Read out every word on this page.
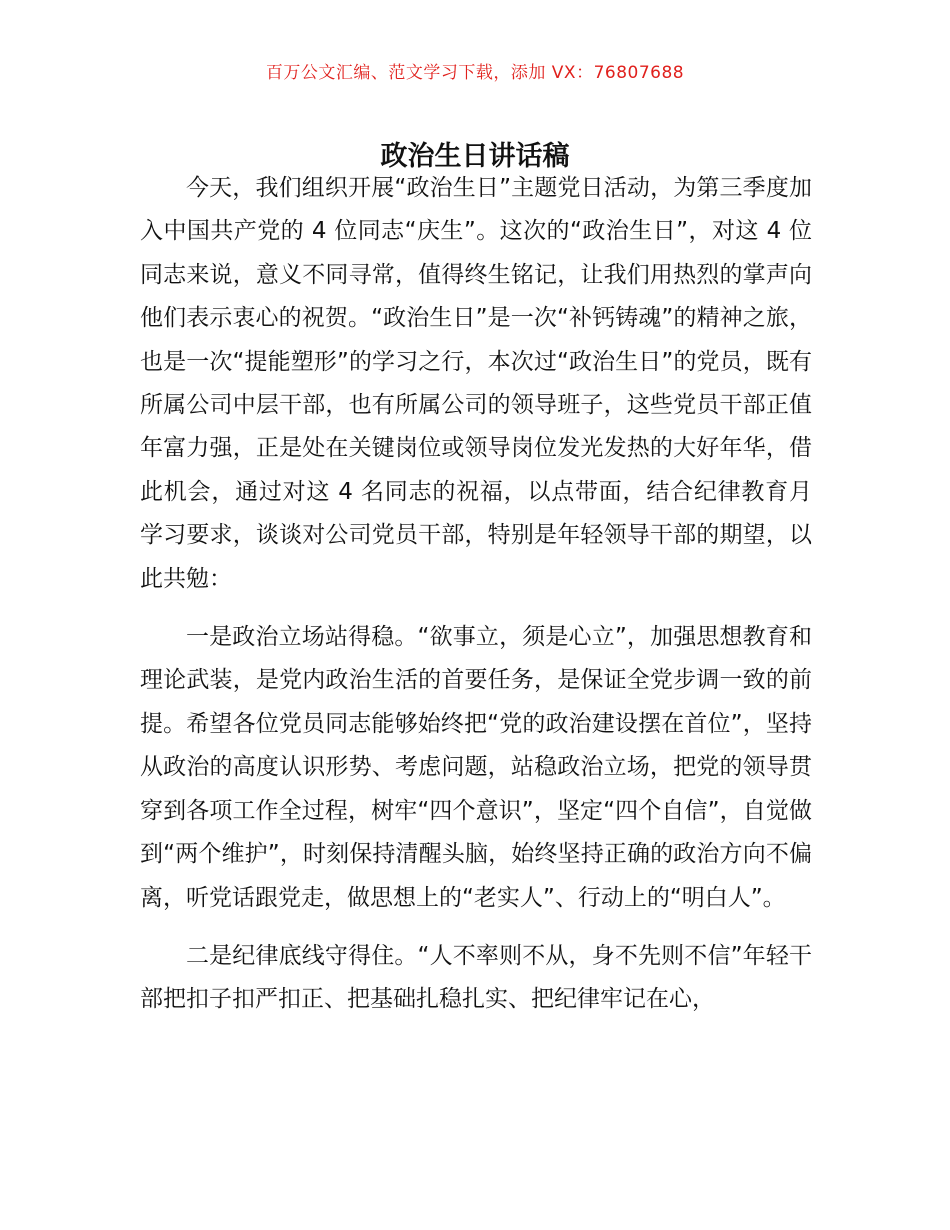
百万公文汇编、范文学习下载，添加 VX：76807688
政治生日讲话稿

今天，我们组织开展“政治生日”主题党日活动，为第三季度加入中国共产党的 4 位同志“庆生”。这次的“政治生日”，对这 4 位同志来说，意义不同寻常，值得终生铭记，让我们用热烈的掌声向他们表示衷心的祝贺。“政治生日”是一次“补钙铸魂”的精神之旅，也是一次“提能塑形”的学习之行，本次过“政治生日”的党员，既有所属公司中层干部，也有所属公司的领导班子，这些党员干部正值年富力强，正是处在关键岗位或领导岗位发光发热的大好年华，借此机会，通过对这 4 名同志的祝福，以点带面，结合纪律教育月学习要求，谈谈对公司党员干部，特别是年轻领导干部的期望，以此共勉：

一是政治立场站得稳。“欲事立，须是心立”，加强思想教育和理论武装，是党内政治生活的首要任务，是保证全党步调一致的前提。希望各位党员同志能够始终把“党的政治建设摆在首位”，坚持从政治的高度认识形势、考虑问题，站稳政治立场，把党的领导贯穿到各项工作全过程，树牢“四个意识”，坚定“四个自信”，自觉做到“两个维护”，时刻保持清醒头脑，始终坚持正确的政治方向不偏离，听党话跟党走，做思想上的“老实人”、行动上的“明白人”。

二是纪律底线守得住。“人不率则不从，身不先则不信”年轻干部把扣子扣严扣正、把基础扎稳扎实、把纪律牢记在心，
